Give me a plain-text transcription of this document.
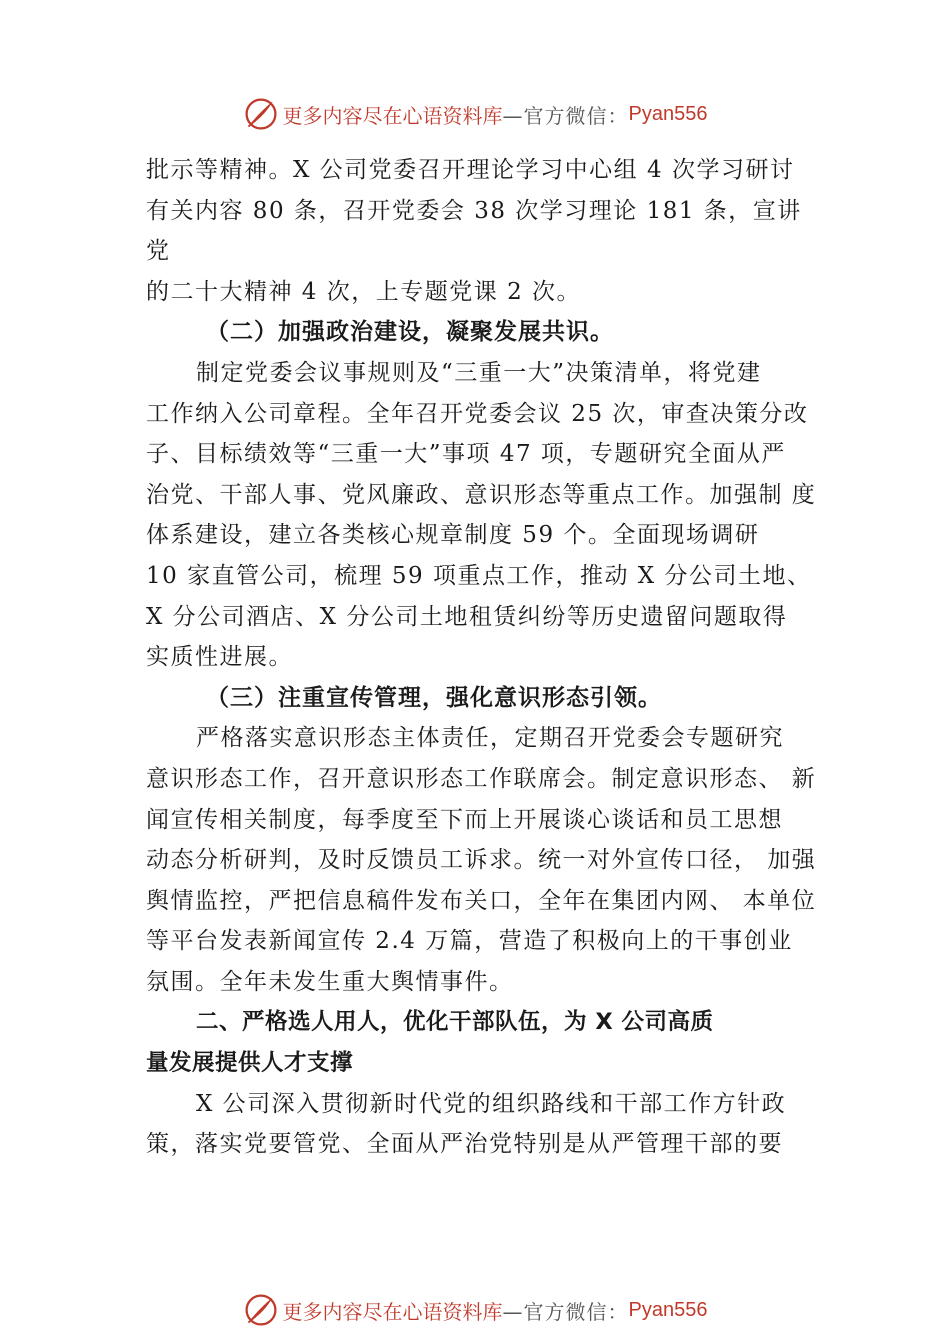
更多内容尽在心语资料库 —官方微信： Pyan556
批示等精神。X 公司党委召开理论学习中心组 4 次学习研讨
有关内容 80 条，召开党委会 38 次学习理论 181 条，宣讲
党
的二十大精神 4 次，上专题党课 2 次。
（二）加强政治建设，凝聚发展共识。
制定党委会议事规则及“三重一大”决策清单，将党建
工作纳入公司章程。全年召开党委会议 25 次，审查决策分改
子、目标绩效等“三重一大”事项 47 项，专题研究全面从严
治党、干部人事、党风廉政、意识形态等重点工作。加强制 度
体系建设，建立各类核心规章制度 59 个。全面现场调研
10 家直管公司，梳理 59 项重点工作，推动 X 分公司土地、
X 分公司酒店、X 分公司土地租赁纠纷等历史遗留问题取得
实质性进展。
（三）注重宣传管理，强化意识形态引领。
严格落实意识形态主体责任，定期召开党委会专题研究
意识形态工作，召开意识形态工作联席会。制定意识形态、 新
闻宣传相关制度，每季度至下而上开展谈心谈话和员工思想
动态分析研判，及时反馈员工诉求。统一对外宣传口径， 加强
舆情监控，严把信息稿件发布关口，全年在集团内网、 本单位
等平台发表新闻宣传 2.4 万篇，营造了积极向上的干事创业
氛围。全年未发生重大舆情事件。
二、严格选人用人，优化干部队伍，为 X 公司高质
量发展提供人才支撑
X 公司深入贯彻新时代党的组织路线和干部工作方针政
策，落实党要管党、全面从严治党特别是从严管理干部的要
更多内容尽在心语资料库 —官方微信： Pyan556
